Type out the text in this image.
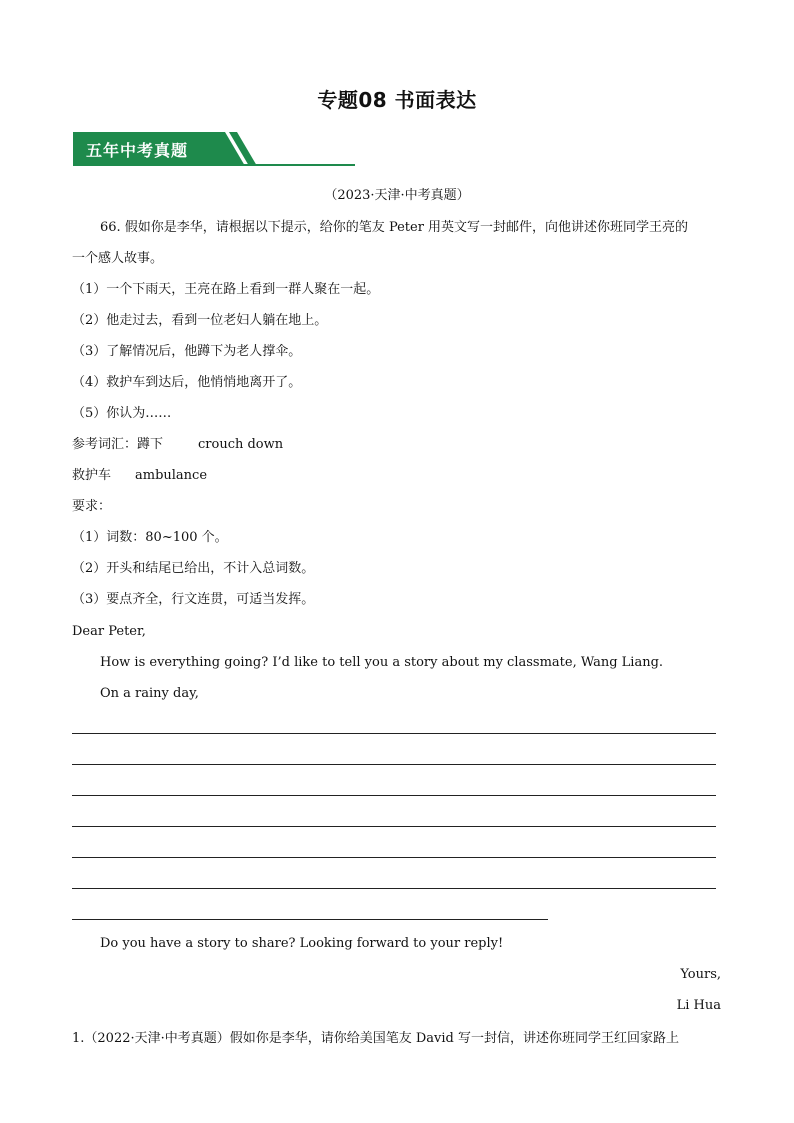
专题08 书面表达
五年中考真题
（2023·天津·中考真题）
66. 假如你是李华，请根据以下提示，给你的笔友 Peter 用英文写一封邮件，向他讲述你班同学王亮的
一个感人故事。
（1）一个下雨天，王亮在路上看到一群人聚在一起。
（2）他走过去，看到一位老妇人躺在地上。
（3）了解情况后，他蹲下为老人撑伞。
（4）救护车到达后，他悄悄地离开了。
（5）你认为……
参考词汇：蹲下	crouch down
救护车 ambulance
要求：
（1）词数：80~100 个。
（2）开头和结尾已给出，不计入总词数。
（3）要点齐全，行文连贯，可适当发挥。
Dear Peter,
How is everything going? I’d like to tell you a story about my classmate, Wang Liang.
On a rainy day,
Do you have a story to share? Looking forward to your reply!
Yours,
Li Hua
1.（2022·天津·中考真题）假如你是李华，请你给美国笔友 David 写一封信，讲述你班同学王红回家路上
